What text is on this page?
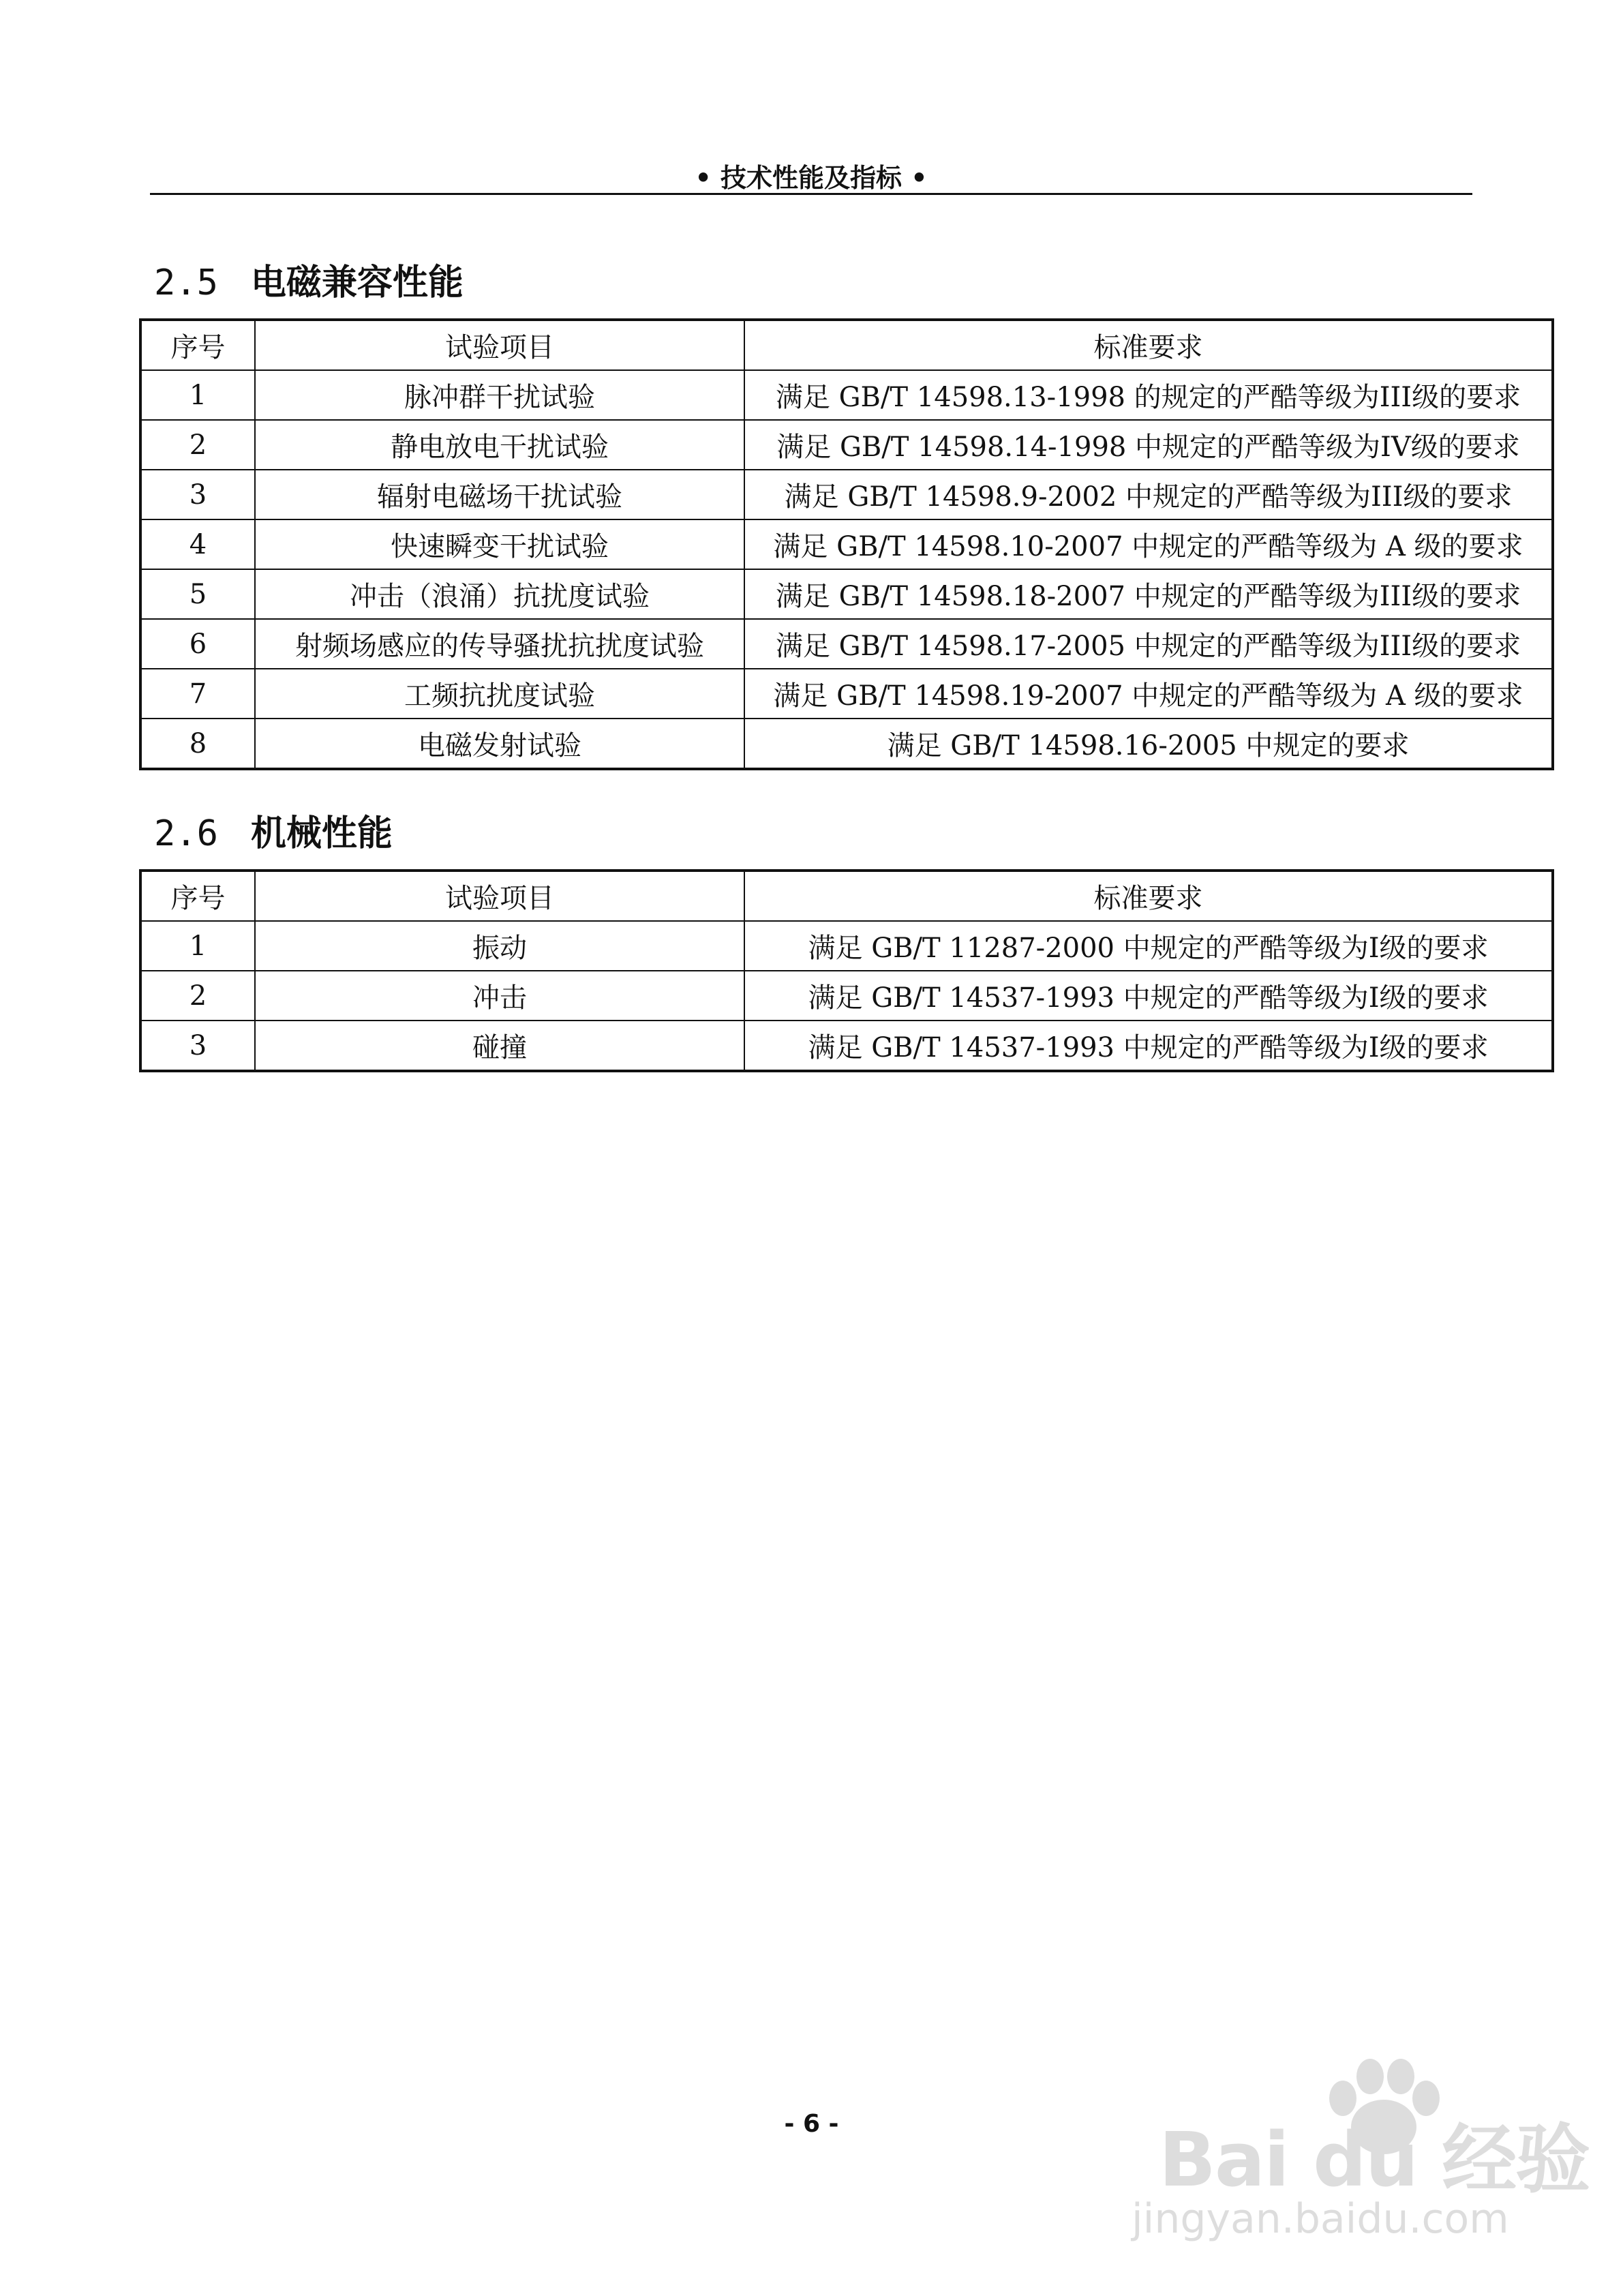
• 技术性能及指标 •
2.5 电磁兼容性能
序号	试验项目	标准要求
1	脉冲群干扰试验	满足 GB/T 14598.13-1998 的规定的严酷等级为III级的要求
2	静电放电干扰试验	满足 GB/T 14598.14-1998 中规定的严酷等级为IV级的要求
3	辐射电磁场干扰试验	满足 GB/T 14598.9-2002 中规定的严酷等级为III级的要求
4	快速瞬变干扰试验	满足 GB/T 14598.10-2007 中规定的严酷等级为 A 级的要求
5	冲击（浪涌）抗扰度试验	满足 GB/T 14598.18-2007 中规定的严酷等级为III级的要求
6	射频场感应的传导骚扰抗扰度试验	满足 GB/T 14598.17-2005 中规定的严酷等级为III级的要求
7	工频抗扰度试验	满足 GB/T 14598.19-2007 中规定的严酷等级为 A 级的要求
8	电磁发射试验	满足 GB/T 14598.16-2005 中规定的要求
2.6 机械性能
序号	试验项目	标准要求
1	振动	满足 GB/T 11287-2000 中规定的严酷等级为Ⅰ级的要求
2	冲击	满足 GB/T 14537-1993 中规定的严酷等级为Ⅰ级的要求
3	碰撞	满足 GB/T 14537-1993 中规定的严酷等级为Ⅰ级的要求
- 6 -	Bai du 经验
jingyan.baidu.com
